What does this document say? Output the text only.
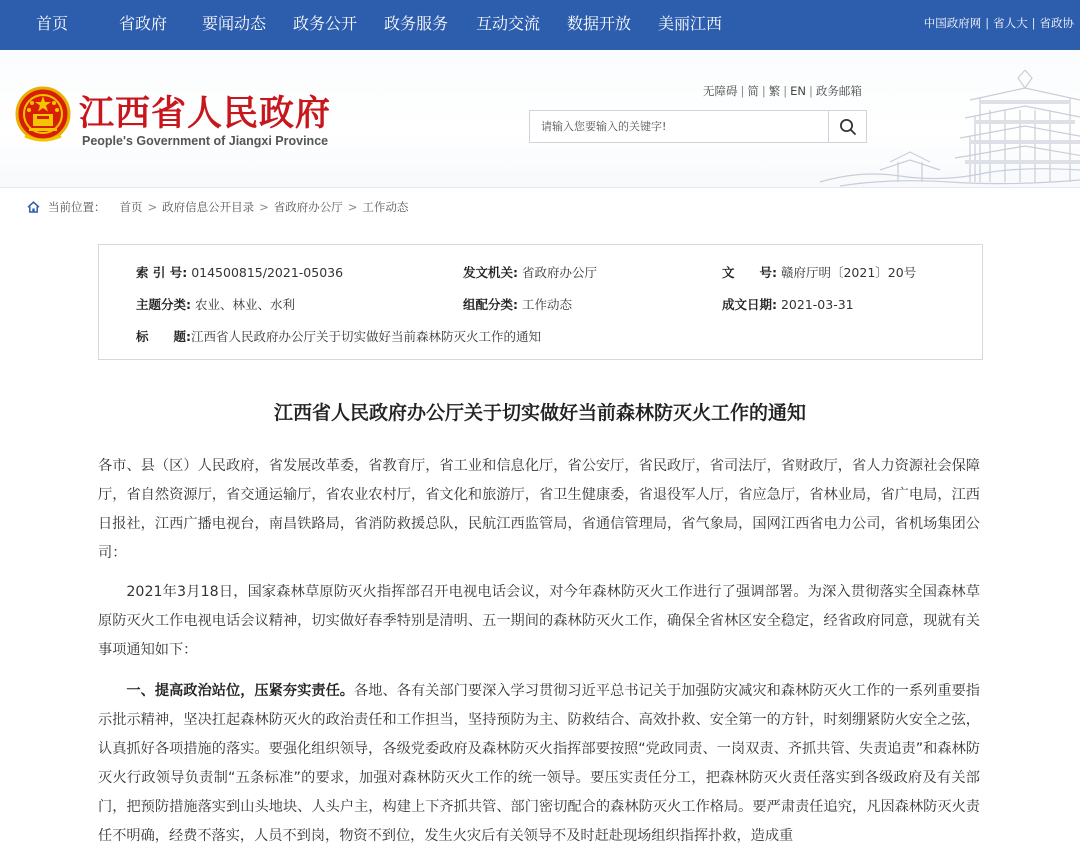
首页	省政府 要闻动态 政务公开 政务服务 互动交流 数据开放 美丽江西	中国政府网 | 省人大 | 省政协
江西省人民政府
People's Government of Jiangxi Province
无障碍 | 简 | 繁 | EN | 政务邮箱
请输入您要输入的关键字!
当前位置： 首页 > 政府信息公开目录 > 省政府办公厅 > 工作动态
索 引 号: 014500815/2021-05036	发文机关: 省政府办公厅	文　　号: 赣府厅明〔2021〕20号
主题分类: 农业、林业、水利	组配分类: 工作动态	成文日期: 2021-03-31
标　　题:江西省人民政府办公厅关于切实做好当前森林防灭火工作的通知
江西省人民政府办公厅关于切实做好当前森林防灭火工作的通知

各市、县（区）人民政府，省发展改革委，省教育厅，省工业和信息化厅，省公安厅，省民政厅，省司法厅，省财政厅，省人力资源社会保障厅，省自然资源厅，省交通运输厅，省农业农村厅，省文化和旅游厅，省卫生健康委，省退役军人厅，省应急厅，省林业局，省广电局，江西日报社，江西广播电视台，南昌铁路局，省消防救援总队，民航江西监管局，省通信管理局，省气象局，国网江西省电力公司，省机场集团公司：

2021年3月18日，国家森林草原防灭火指挥部召开电视电话会议，对今年森林防灭火工作进行了强调部署。为深入贯彻落实全国森林草原防灭火工作电视电话会议精神，切实做好春季特别是清明、五一期间的森林防灭火工作，确保全省林区安全稳定，经省政府同意，现就有关事项通知如下：

一、提高政治站位，压紧夯实责任。各地、各有关部门要深入学习贯彻习近平总书记关于加强防灾减灾和森林防灭火工作的一系列重要指示批示精神，坚决扛起森林防灭火的政治责任和工作担当，坚持预防为主、防救结合、高效扑救、安全第一的方针，时刻绷紧防火安全之弦，认真抓好各项措施的落实。要强化组织领导，各级党委政府及森林防灭火指挥部要按照“党政同责、一岗双责、齐抓共管、失责追责”和森林防灭火行政领导负责制“五条标准”的要求，加强对森林防灭火工作的统一领导。要压实责任分工，把森林防灭火责任落实到各级政府及有关部门，把预防措施落实到山头地块、人头户主，构建上下齐抓共管、部门密切配合的森林防灭火工作格局。要严肃责任追究，凡因森林防灭火责任不明确，经费不落实，人员不到岗，物资不到位，发生火灾后有关领导不及时赶赴现场组织指挥扑救，造成重
